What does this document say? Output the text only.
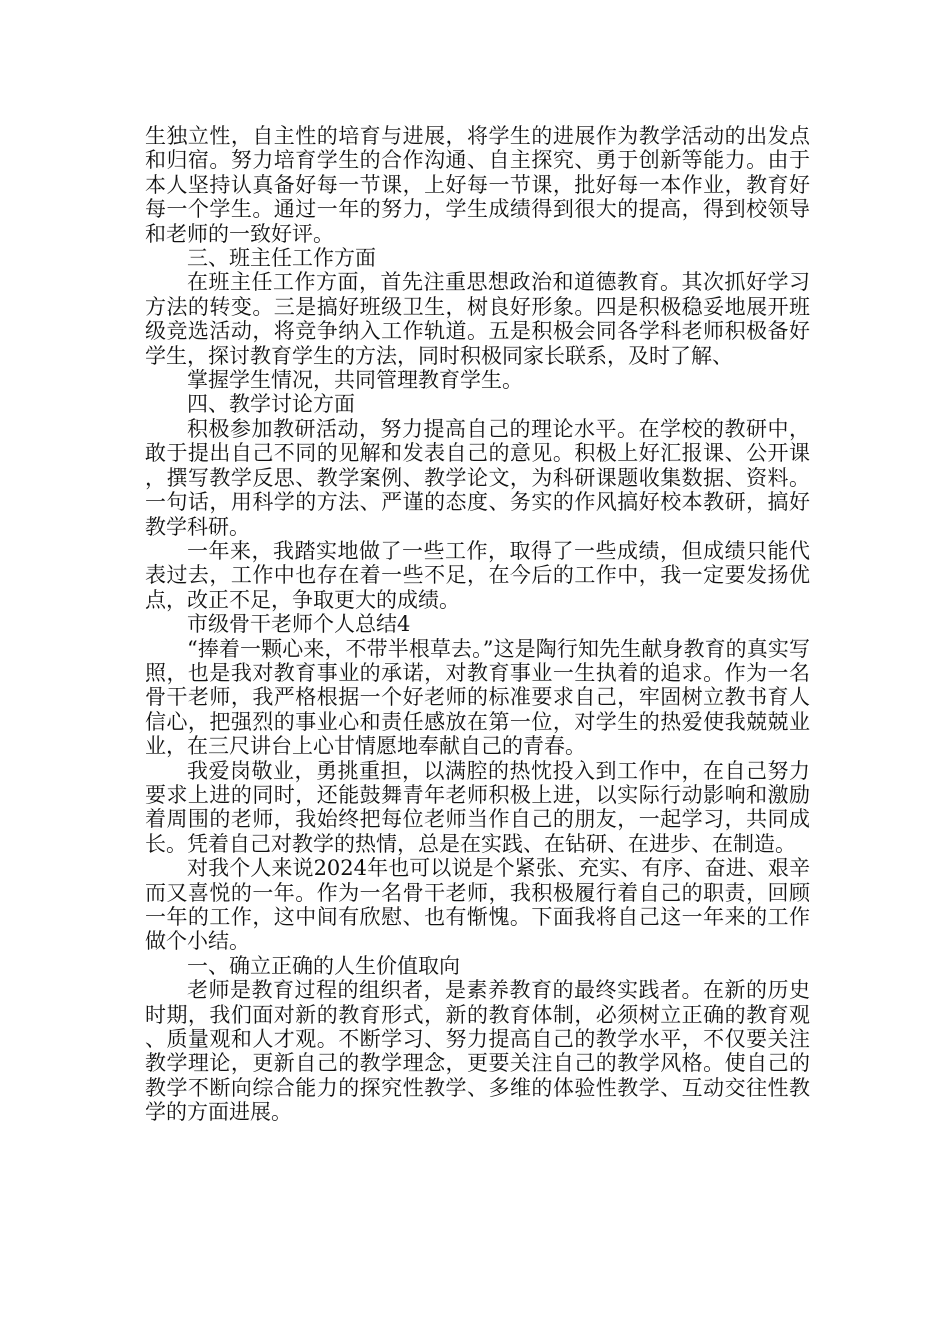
生独立性，自主性的培育与进展，将学生的进展作为教学活动的出发点和归宿。努力培育学生的合作沟通、自主探究、勇于创新等能力。由于本人坚持认真备好每一节课，上好每一节课，批好每一本作业，教育好每一个学生。通过一年的努力，学生成绩得到很大的提高，得到校领导和老师的一致好评。

三、班主任工作方面

在班主任工作方面，首先注重思想政治和道德教育。其次抓好学习方法的转变。三是搞好班级卫生，树良好形象。四是积极稳妥地展开班级竞选活动，将竞争纳入工作轨道。五是积极会同各学科老师积极备好学生，探讨教育学生的方法，同时积极同家长联系，及时了解、

掌握学生情况，共同管理教育学生。

四、教学讨论方面

积极参加教研活动，努力提高自己的理论水平。在学校的教研中，敢于提出自己不同的见解和发表自己的意见。积极上好汇报课、公开课，撰写教学反思、教学案例、教学论文，为科研课题收集数据、资料。一句话，用科学的方法、严谨的态度、务实的作风搞好校本教研，搞好教学科研。

一年来，我踏实地做了一些工作，取得了一些成绩，但成绩只能代表过去，工作中也存在着一些不足，在今后的工作中，我一定要发扬优点，改正不足，争取更大的成绩。

市级骨干老师个人总结4

“捧着一颗心来，不带半根草去。”这是陶行知先生献身教育的真实写照，也是我对教育事业的承诺，对教育事业一生执着的追求。作为一名骨干老师，我严格根据一个好老师的标准要求自己，牢固树立教书育人信心，把强烈的事业心和责任感放在第一位，对学生的热爱使我兢兢业业，在三尺讲台上心甘情愿地奉献自己的青春。

我爱岗敬业，勇挑重担，以满腔的热忱投入到工作中，在自己努力要求上进的同时，还能鼓舞青年老师积极上进，以实际行动影响和激励着周围的老师，我始终把每位老师当作自己的朋友，一起学习，共同成长。凭着自己对教学的热情，总是在实践、在钻研、在进步、在制造。

对我个人来说2024年也可以说是个紧张、充实、有序、奋进、艰辛而又喜悦的一年。作为一名骨干老师，我积极履行着自己的职责，回顾一年的工作，这中间有欣慰、也有惭愧。下面我将自己这一年来的工作做个小结。

一、确立正确的人生价值取向

老师是教育过程的组织者，是素养教育的最终实践者。在新的历史时期，我们面对新的教育形式，新的教育体制，必须树立正确的教育观、质量观和人才观。不断学习、努力提高自己的教学水平，不仅要关注教学理论，更新自己的教学理念，更要关注自己的教学风格。使自己的教学不断向综合能力的探究性教学、多维的体验性教学、互动交往性教学的方面进展。
